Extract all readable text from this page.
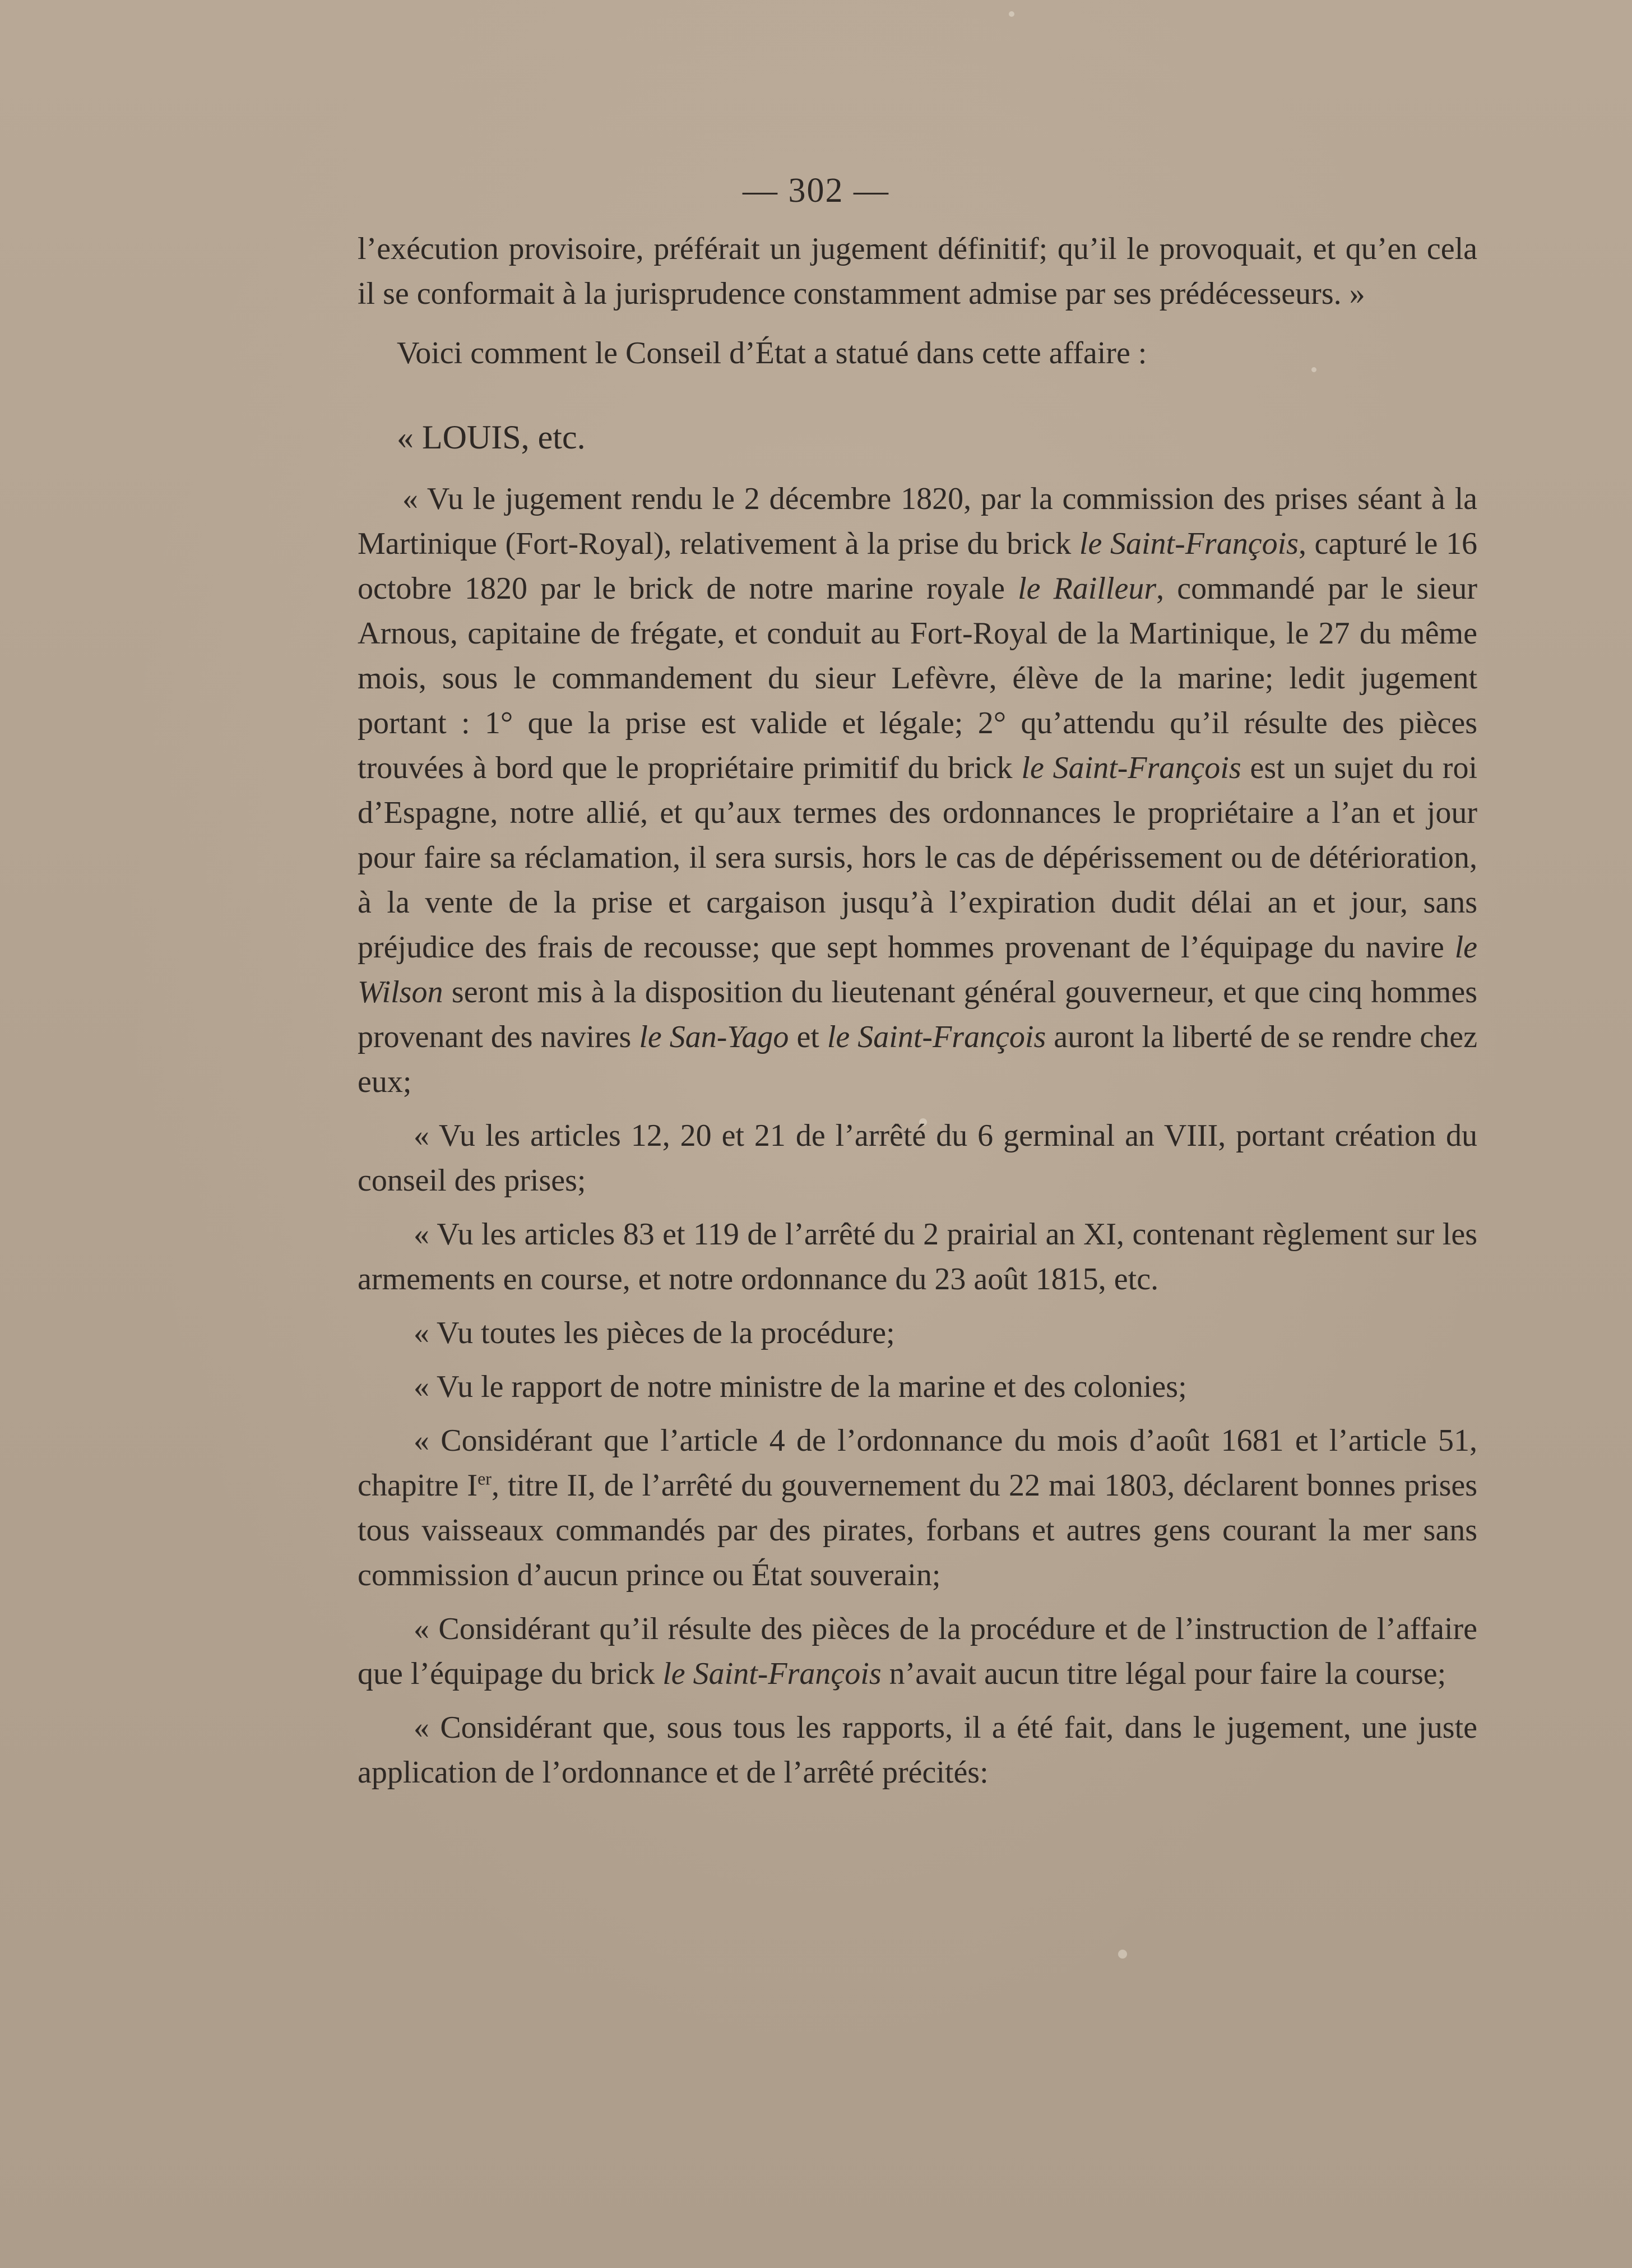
— 302 —

l’exécution provisoire, préférait un jugement définitif; qu’il le provoquait, et qu’en cela il se conformait à la jurisprudence constamment admise par ses prédécesseurs. »

Voici comment le Conseil d’État a statué dans cette affaire :

« LOUIS, etc.

« Vu le jugement rendu le 2 décembre 1820, par la commission des prises séant à la Martinique (Fort-Royal), relativement à la prise du brick le Saint-François, capturé le 16 octobre 1820 par le brick de notre marine royale le Railleur, commandé par le sieur Arnous, capitaine de frégate, et conduit au Fort-Royal de la Martinique, le 27 du même mois, sous le commandement du sieur Lefèvre, élève de la marine; ledit jugement portant : 1° que la prise est valide et légale; 2° qu’attendu qu’il résulte des pièces trouvées à bord que le propriétaire primitif du brick le Saint-François est un sujet du roi d’Espagne, notre allié, et qu’aux termes des ordonnances le propriétaire a l’an et jour pour faire sa réclamation, il sera sursis, hors le cas de dépérissement ou de détérioration, à la vente de la prise et cargaison jusqu’à l’expiration dudit délai an et jour, sans préjudice des frais de recousse; que sept hommes provenant de l’équipage du navire le Wilson seront mis à la disposition du lieutenant général gouverneur, et que cinq hommes provenant des navires le San-Yago et le Saint-François auront la liberté de se rendre chez eux;

« Vu les articles 12, 20 et 21 de l’arrêté du 6 germinal an VIII, portant création du conseil des prises;

« Vu les articles 83 et 119 de l’arrêté du 2 prairial an XI, contenant règlement sur les armements en course, et notre ordonnance du 23 août 1815, etc.

« Vu toutes les pièces de la procédure;

« Vu le rapport de notre ministre de la marine et des colonies;

« Considérant que l’article 4 de l’ordonnance du mois d’août 1681 et l’article 51, chapitre Ier, titre II, de l’arrêté du gouvernement du 22 mai 1803, déclarent bonnes prises tous vaisseaux commandés par des pirates, forbans et autres gens courant la mer sans commission d’aucun prince ou État souverain;

« Considérant qu’il résulte des pièces de la procédure et de l’instruction de l’affaire que l’équipage du brick le Saint-François n’avait aucun titre légal pour faire la course;

« Considérant que, sous tous les rapports, il a été fait, dans le jugement, une juste application de l’ordonnance et de l’arrêté précités:
